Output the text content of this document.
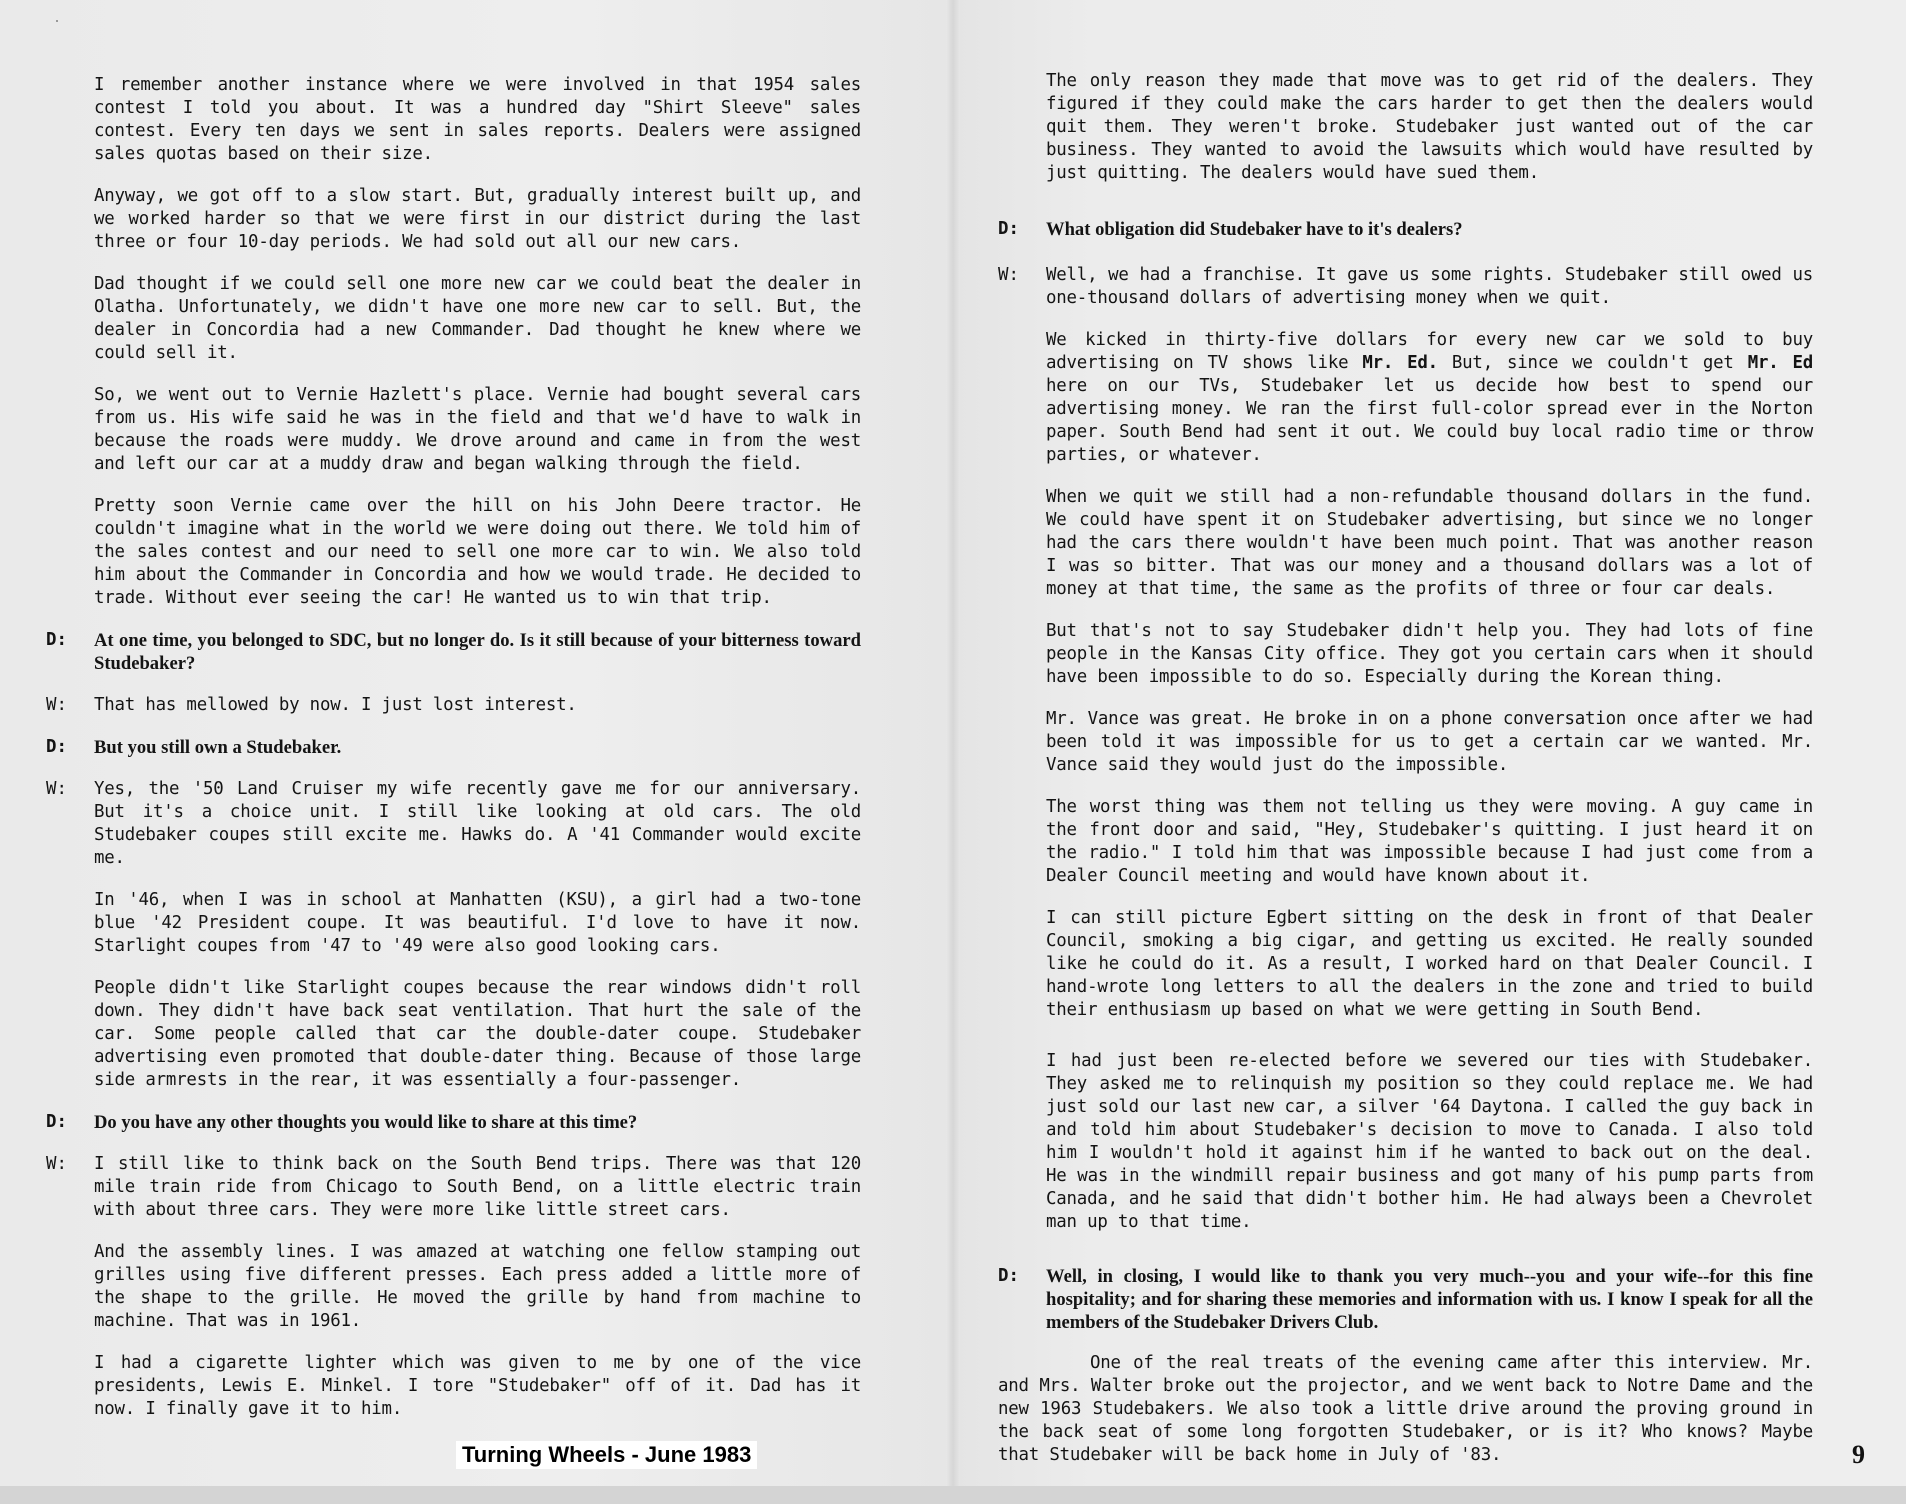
I remember another instance where we were involved in that 1954 sales contest I told you about. It was a hundred day "Shirt Sleeve" sales contest. Every ten days we sent in sales reports. Dealers were assigned sales quotas based on their size.

Anyway, we got off to a slow start. But, gradually interest built up, and we worked harder so that we were first in our district during the last three or four 10-day periods. We had sold out all our new cars.

Dad thought if we could sell one more new car we could beat the dealer in Olatha. Unfortunately, we didn't have one more new car to sell. But, the dealer in Concordia had a new Commander. Dad thought he knew where we could sell it.

So, we went out to Vernie Hazlett's place. Vernie had bought several cars from us. His wife said he was in the field and that we'd have to walk in because the roads were muddy. We drove around and came in from the west and left our car at a muddy draw and began walking through the field.

Pretty soon Vernie came over the hill on his John Deere tractor. He couldn't imagine what in the world we were doing out there. We told him of the sales contest and our need to sell one more car to win. We also told him about the Commander in Concordia and how we would trade. He decided to trade. Without ever seeing the car! He wanted us to win that trip.

D: At one time, you belonged to SDC, but no longer do. Is it still because of your bitterness toward Studebaker?

W: That has mellowed by now. I just lost interest.

D: But you still own a Studebaker.

W: Yes, the '50 Land Cruiser my wife recently gave me for our anniversary. But it's a choice unit. I still like looking at old cars. The old Studebaker coupes still excite me. Hawks do. A '41 Commander would excite me.

In '46, when I was in school at Manhatten (KSU), a girl had a two-tone blue '42 President coupe. It was beautiful. I'd love to have it now. Starlight coupes from '47 to '49 were also good looking cars.

People didn't like Starlight coupes because the rear windows didn't roll down. They didn't have back seat ventilation. That hurt the sale of the car. Some people called that car the double-dater coupe. Studebaker advertising even promoted that double-dater thing. Because of those large side armrests in the rear, it was essentially a four-passenger.

D: Do you have any other thoughts you would like to share at this time?

W: I still like to think back on the South Bend trips. There was that 120 mile train ride from Chicago to South Bend, on a little electric train with about three cars. They were more like little street cars.

And the assembly lines. I was amazed at watching one fellow stamping out grilles using five different presses. Each press added a little more of the shape to the grille. He moved the grille by hand from machine to machine. That was in 1961.

I had a cigarette lighter which was given to me by one of the vice presidents, Lewis E. Minkel. I tore "Studebaker" off of it. Dad has it now. I finally gave it to him.

The only reason they made that move was to get rid of the dealers. They figured if they could make the cars harder to get then the dealers would quit them. They weren't broke. Studebaker just wanted out of the car business. They wanted to avoid the lawsuits which would have resulted by just quitting. The dealers would have sued them.

D: What obligation did Studebaker have to it's dealers?

W: Well, we had a franchise. It gave us some rights. Studebaker still owed us one-thousand dollars of advertising money when we quit.

We kicked in thirty-five dollars for every new car we sold to buy advertising on TV shows like Mr. Ed. But, since we couldn't get Mr. Ed here on our TVs, Studebaker let us decide how best to spend our advertising money. We ran the first full-color spread ever in the Norton paper. South Bend had sent it out. We could buy local radio time or throw parties, or whatever.

When we quit we still had a non-refundable thousand dollars in the fund. We could have spent it on Studebaker advertising, but since we no longer had the cars there wouldn't have been much point. That was another reason I was so bitter. That was our money and a thousand dollars was a lot of money at that time, the same as the profits of three or four car deals.

But that's not to say Studebaker didn't help you. They had lots of fine people in the Kansas City office. They got you certain cars when it should have been impossible to do so. Especially during the Korean thing.

Mr. Vance was great. He broke in on a phone conversation once after we had been told it was impossible for us to get a certain car we wanted. Mr. Vance said they would just do the impossible.

The worst thing was them not telling us they were moving. A guy came in the front door and said, "Hey, Studebaker's quitting. I just heard it on the radio." I told him that was impossible because I had just come from a Dealer Council meeting and would have known about it.

I can still picture Egbert sitting on the desk in front of that Dealer Council, smoking a big cigar, and getting us excited. He really sounded like he could do it. As a result, I worked hard on that Dealer Council. I hand-wrote long letters to all the dealers in the zone and tried to build their enthusiasm up based on what we were getting in South Bend.

I had just been re-elected before we severed our ties with Studebaker. They asked me to relinquish my position so they could replace me. We had just sold our last new car, a silver '64 Daytona. I called the guy back in and told him about Studebaker's decision to move to Canada. I also told him I wouldn't hold it against him if he wanted to back out on the deal. He was in the windmill repair business and got many of his pump parts from Canada, and he said that didn't bother him. He had always been a Chevrolet man up to that time.

D: Well, in closing, I would like to thank you very much--you and your wife--for this fine hospitality; and for sharing these memories and information with us. I know I speak for all the members of the Studebaker Drivers Club.

One of the real treats of the evening came after this interview. Mr. and Mrs. Walter broke out the projector, and we went back to Notre Dame and the new 1963 Studebakers. We also took a little drive around the proving ground in the back seat of some long forgotten Studebaker, or is it? Who knows? Maybe that Studebaker will be back home in July of '83.

Turning Wheels - June 1983	9
